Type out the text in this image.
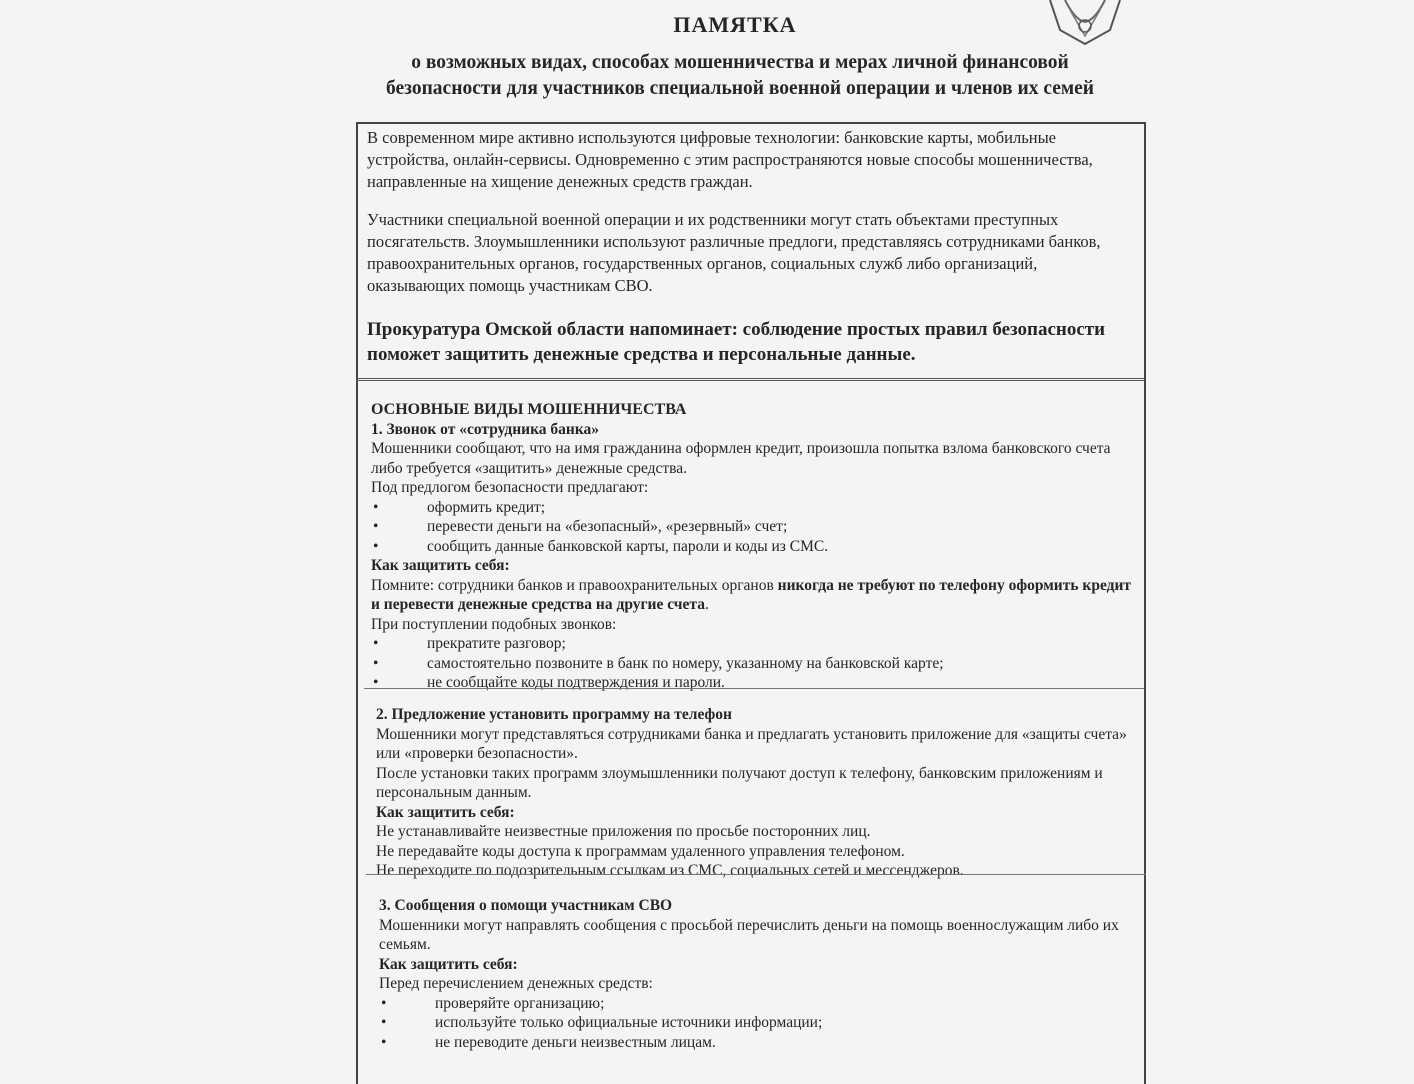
ПАМЯТКА
о возможных видах, способах мошенничества и мерах личной финансовой
безопасности для участников специальной военной операции и членов их семей

В современном мире активно используются цифровые технологии: банковские карты, мобильные устройства, онлайн-сервисы. Одновременно с этим распространяются новые способы мошенничества, направленные на хищение денежных средств граждан.

Участники специальной военной операции и их родственники могут стать объектами преступных посягательств. Злоумышленники используют различные предлоги, представляясь сотрудниками банков, правоохранительных органов, государственных органов, социальных служб либо организаций, оказывающих помощь участникам СВО.

Прокуратура Омской области напоминает: соблюдение простых правил безопасности поможет защитить денежные средства и персональные данные.

ОСНОВНЫЕ ВИДЫ МОШЕННИЧЕСТВА

1. Звонок от «сотрудника банка»

Мошенники сообщают, что на имя гражданина оформлен кредит, произошла попытка взлома банковского счета либо требуется «защитить» денежные средства.

Под предлогом безопасности предлагают:

•	оформить кредит;
•	перевести деньги на «безопасный», «резервный» счет;
•	сообщить данные банковской карты, пароли и коды из СМС.

Как защитить себя:

Помните: сотрудники банков и правоохранительных органов никогда не требуют по телефону оформить кредит и перевести денежные средства на другие счета.

При поступлении подобных звонков:

•	прекратите разговор;
•	самостоятельно позвоните в банк по номеру, указанному на банковской карте;
•	не сообщайте коды подтверждения и пароли.

2. Предложение установить программу на телефон

Мошенники могут представляться сотрудниками банка и предлагать установить приложение для «защиты счета» или «проверки безопасности».

После установки таких программ злоумышленники получают доступ к телефону, банковским приложениям и персональным данным.

Как защитить себя:

Не устанавливайте неизвестные приложения по просьбе посторонних лиц.

Не передавайте коды доступа к программам удаленного управления телефоном.

Не переходите по подозрительным ссылкам из СМС, социальных сетей и мессенджеров.

3. Сообщения о помощи участникам СВО

Мошенники могут направлять сообщения с просьбой перечислить деньги на помощь военнослужащим либо их семьям.

Как защитить себя:

Перед перечислением денежных средств:

•	проверяйте организацию;
•	используйте только официальные источники информации;
•	не переводите деньги неизвестным лицам.
